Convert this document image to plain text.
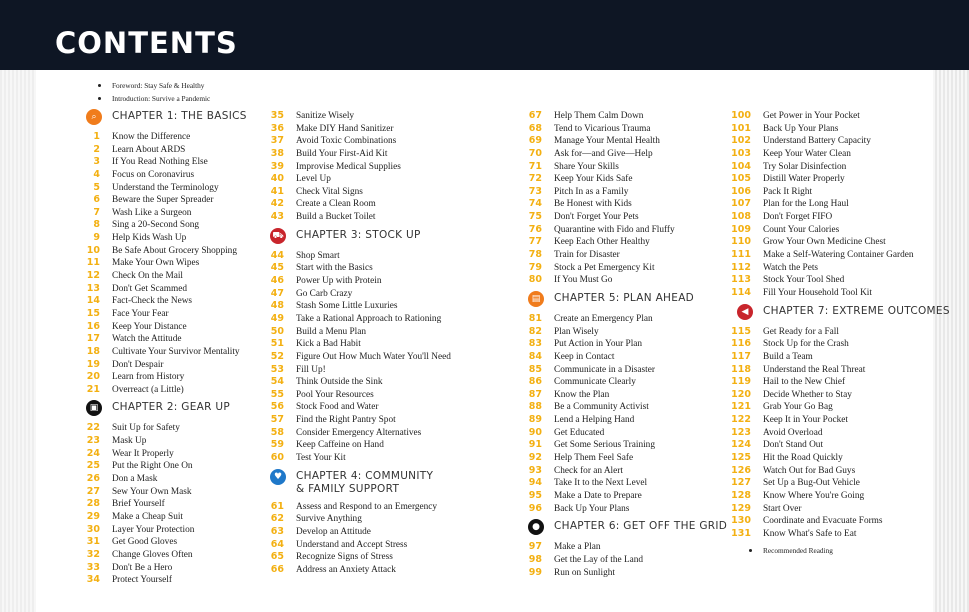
CONTENTS
Foreword: Stay Safe & Healthy
Introduction: Survive a Pandemic
⌕	CHAPTER 1: THE BASICS
1 Know the Difference
2 Learn About ARDS
3 If You Read Nothing Else
4 Focus on Coronavirus
5 Understand the Terminology
6 Beware the Super Spreader
7 Wash Like a Surgeon
8 Sing a 20-Second Song
9 Help Kids Wash Up
10 Be Safe About Grocery Shopping
11 Make Your Own Wipes
12 Check On the Mail
13 Don't Get Scammed
14 Fact-Check the News
15 Face Your Fear
16 Keep Your Distance
17 Watch the Attitude
18 Cultivate Your Survivor Mentality
19 Don't Despair
20 Learn from History
21 Overreact (a Little)
▣	CHAPTER 2: GEAR UP
22 Suit Up for Safety
23 Mask Up
24 Wear It Properly
25 Put the Right One On
26 Don a Mask
27 Sew Your Own Mask
28 Brief Yourself
29 Make a Cheap Suit
30 Layer Your Protection
31 Get Good Gloves
32 Change Gloves Often
33 Don't Be a Hero
34 Protect Yourself
35 Sanitize Wisely
36 Make DIY Hand Sanitizer
37 Avoid Toxic Combinations
38 Build Your First-Aid Kit
39 Improvise Medical Supplies
40 Level Up
41 Check Vital Signs
42 Create a Clean Room
43 Build a Bucket Toilet
⛟ CHAPTER 3: STOCK UP
44 Shop Smart
45 Start with the Basics
46 Power Up with Protein
47 Go Carb Crazy
48 Stash Some Little Luxuries
49 Take a Rational Approach to Rationing
50 Build a Menu Plan
51 Kick a Bad Habit
52 Figure Out How Much Water You'll Need
53 Fill Up!
54 Think Outside the Sink
55 Pool Your Resources
56 Stock Food and Water
57 Find the Right Pantry Spot
58 Consider Emergency Alternatives
59 Keep Caffeine on Hand
60 Test Your Kit
♥	CHAPTER 4: COMMUNITY
& FAMILY SUPPORT
61 Assess and Respond to an Emergency
62 Survive Anything
63 Develop an Attitude
64 Understand and Accept Stress
65 Recognize Signs of Stress
66 Address an Anxiety Attack
67 Help Them Calm Down
68 Tend to Vicarious Trauma
69 Manage Your Mental Health
70 Ask for—and Give—Help
71 Share Your Skills
72 Keep Your Kids Safe
73 Pitch In as a Family
74 Be Honest with Kids
75 Don't Forget Your Pets
76 Quarantine with Fido and Fluffy
77 Keep Each Other Healthy
78 Train for Disaster
79 Stock a Pet Emergency Kit
80 If You Must Go
▤	CHAPTER 5: PLAN AHEAD
81 Create an Emergency Plan
82 Plan Wisely
83 Put Action in Your Plan
84 Keep in Contact
85 Communicate in a Disaster
86 Communicate Clearly
87 Know the Plan
88 Be a Community Activist
89 Lend a Helping Hand
90 Get Educated
91 Get Some Serious Training
92 Help Them Feel Safe
93 Check for an Alert
94 Take It to the Next Level
95 Make a Date to Prepare
96 Back Up Your Plans
●	CHAPTER 6: GET OFF THE GRID
97 Make a Plan
98 Get the Lay of the Land
99 Run on Sunlight
100 Get Power in Your Pocket
101 Back Up Your Plans
102 Understand Battery Capacity
103 Keep Your Water Clean
104 Try Solar Disinfection
105 Distill Water Properly
106 Pack It Right
107 Plan for the Long Haul
108 Don't Forget FIFO
109 Count Your Calories
110 Grow Your Own Medicine Chest
111 Make a Self-Watering Container Garden
112 Watch the Pets
113 Stock Your Tool Shed
114 Fill Your Household Tool Kit
◀	CHAPTER 7: EXTREME OUTCOMES
115 Get Ready for a Fall
116 Stock Up for the Crash
117 Build a Team
118 Understand the Real Threat
119 Hail to the New Chief
120 Decide Whether to Stay
121 Grab Your Go Bag
122 Keep It in Your Pocket
123 Avoid Overload
124 Don't Stand Out
125 Hit the Road Quickly
126 Watch Out for Bad Guys
127 Set Up a Bug-Out Vehicle
128 Know Where You're Going
129 Start Over
130 Coordinate and Evacuate Forms
131 Know What's Safe to Eat
Recommended Reading
